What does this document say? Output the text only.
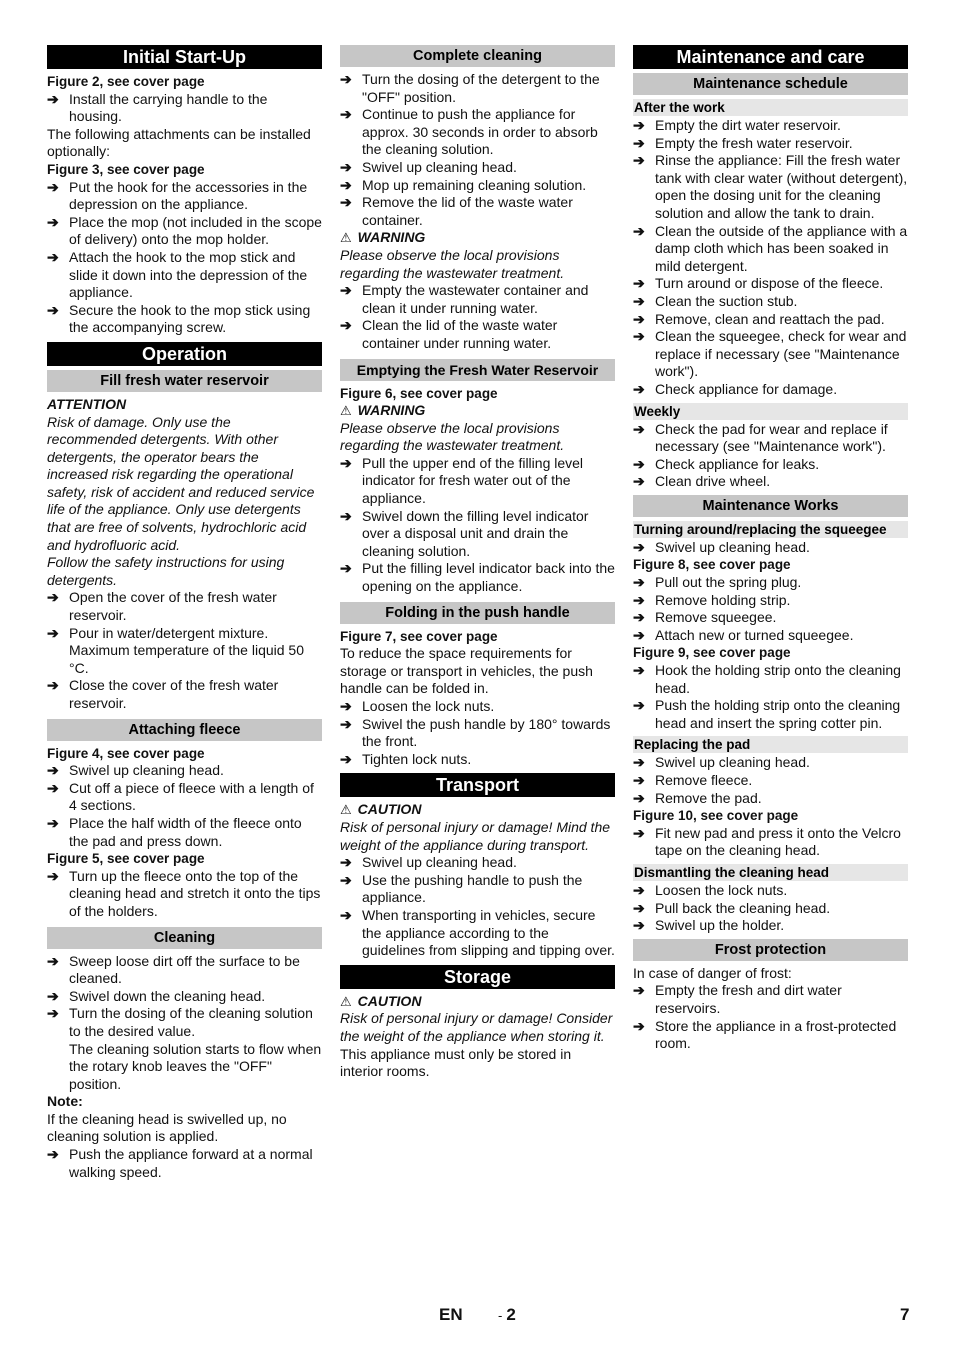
Initial Start-Up
Figure 2, see cover page
➔ Install the carrying handle to the housing.
The following attachments can be installed optionally:
Figure 3, see cover page
➔ Put the hook for the accessories in the depression on the appliance.
➔ Place the mop (not included in the scope of delivery) onto the mop holder.
➔ Attach the hook to the mop stick and slide it down into the depression of the appliance.
➔ Secure the hook to the mop stick using the accompanying screw.
Operation
Fill fresh water reservoir
ATTENTION
Risk of damage. Only use the recommended detergents. With other detergents, the operator bears the increased risk regarding the operational safety, risk of accident and reduced service life of the appliance. Only use detergents that are free of solvents, hydrochloric acid and hydrofluoric acid.
Follow the safety instructions for using detergents.
➔ Open the cover of the fresh water reservoir.
➔ Pour in water/detergent mixture. Maximum temperature of the liquid 50 °C.
➔ Close the cover of the fresh water reservoir.
Attaching fleece
Figure 4, see cover page
➔ Swivel up cleaning head.
➔ Cut off a piece of fleece with a length of 4 sections.
➔ Place the half width of the fleece onto the pad and press down.
Figure 5, see cover page
➔ Turn up the fleece onto the top of the cleaning head and stretch it onto the tips of the holders.
Cleaning
➔ Sweep loose dirt off the surface to be cleaned.
➔ Swivel down the cleaning head.
➔ Turn the dosing of the cleaning solution to the desired value.
The cleaning solution starts to flow when the rotary knob leaves the "OFF" position.
Note:
If the cleaning head is swivelled up, no cleaning solution is applied.
➔ Push the appliance forward at a normal walking speed.
Complete cleaning
➔ Turn the dosing of the detergent to the "OFF" position.
➔ Continue to push the appliance for approx. 30 seconds in order to absorb the cleaning solution.
➔ Swivel up cleaning head.
➔ Mop up remaining cleaning solution.
➔ Remove the lid of the waste water container.
⚠ WARNING
Please observe the local provisions regarding the wastewater treatment.
➔ Empty the wastewater container and clean it under running water.
➔ Clean the lid of the waste water container under running water.
Emptying the Fresh Water Reservoir
Figure 6, see cover page
⚠ WARNING
Please observe the local provisions regarding the wastewater treatment.
➔ Pull the upper end of the filling level indicator for fresh water out of the appliance.
➔ Swivel down the filling level indicator over a disposal unit and drain the cleaning solution.
➔ Put the filling level indicator back into the opening on the appliance.
Folding in the push handle
Figure 7, see cover page
To reduce the space requirements for storage or transport in vehicles, the push handle can be folded in.
➔ Loosen the lock nuts.
➔ Swivel the push handle by 180° towards the front.
➔ Tighten lock nuts.
Transport
⚠ CAUTION
Risk of personal injury or damage! Mind the weight of the appliance during transport.
➔ Swivel up cleaning head.
➔ Use the pushing handle to push the appliance.
➔ When transporting in vehicles, secure the appliance according to the guidelines from slipping and tipping over.
Storage
⚠ CAUTION
Risk of personal injury or damage! Consider the weight of the appliance when storing it.
This appliance must only be stored in interior rooms.
Maintenance and care
Maintenance schedule
After the work
➔ Empty the dirt water reservoir.
➔ Empty the fresh water reservoir.
➔ Rinse the appliance: Fill the fresh water tank with clear water (without detergent), open the dosing unit for the cleaning solution and allow the tank to drain.
➔ Clean the outside of the appliance with a damp cloth which has been soaked in mild detergent.
➔ Turn around or dispose of the fleece.
➔ Clean the suction stub.
➔ Remove, clean and reattach the pad.
➔ Clean the squeegee, check for wear and replace if necessary (see "Maintenance work").
➔ Check appliance for damage.
Weekly
➔ Check the pad for wear and replace if necessary (see "Maintenance work").
➔ Check appliance for leaks.
➔ Clean drive wheel.
Maintenance Works
Turning around/replacing the squeegee
➔ Swivel up cleaning head.
Figure 8, see cover page
➔ Pull out the spring plug.
➔ Remove holding strip.
➔ Remove squeegee.
➔ Attach new or turned squeegee.
Figure 9, see cover page
➔ Hook the holding strip onto the cleaning head.
➔ Push the holding strip onto the cleaning head and insert the spring cotter pin.
Replacing the pad
➔ Swivel up cleaning head.
➔ Remove fleece.
➔ Remove the pad.
Figure 10, see cover page
➔ Fit new pad and press it onto the Velcro tape on the cleaning head.
Dismantling the cleaning head
➔ Loosen the lock nuts.
➔ Pull back the cleaning head.
➔ Swivel up the holder.
Frost protection
In case of danger of frost:
➔ Empty the fresh and dirt water reservoirs.
➔ Store the appliance in a frost-protected room.
EN	- 2	7
